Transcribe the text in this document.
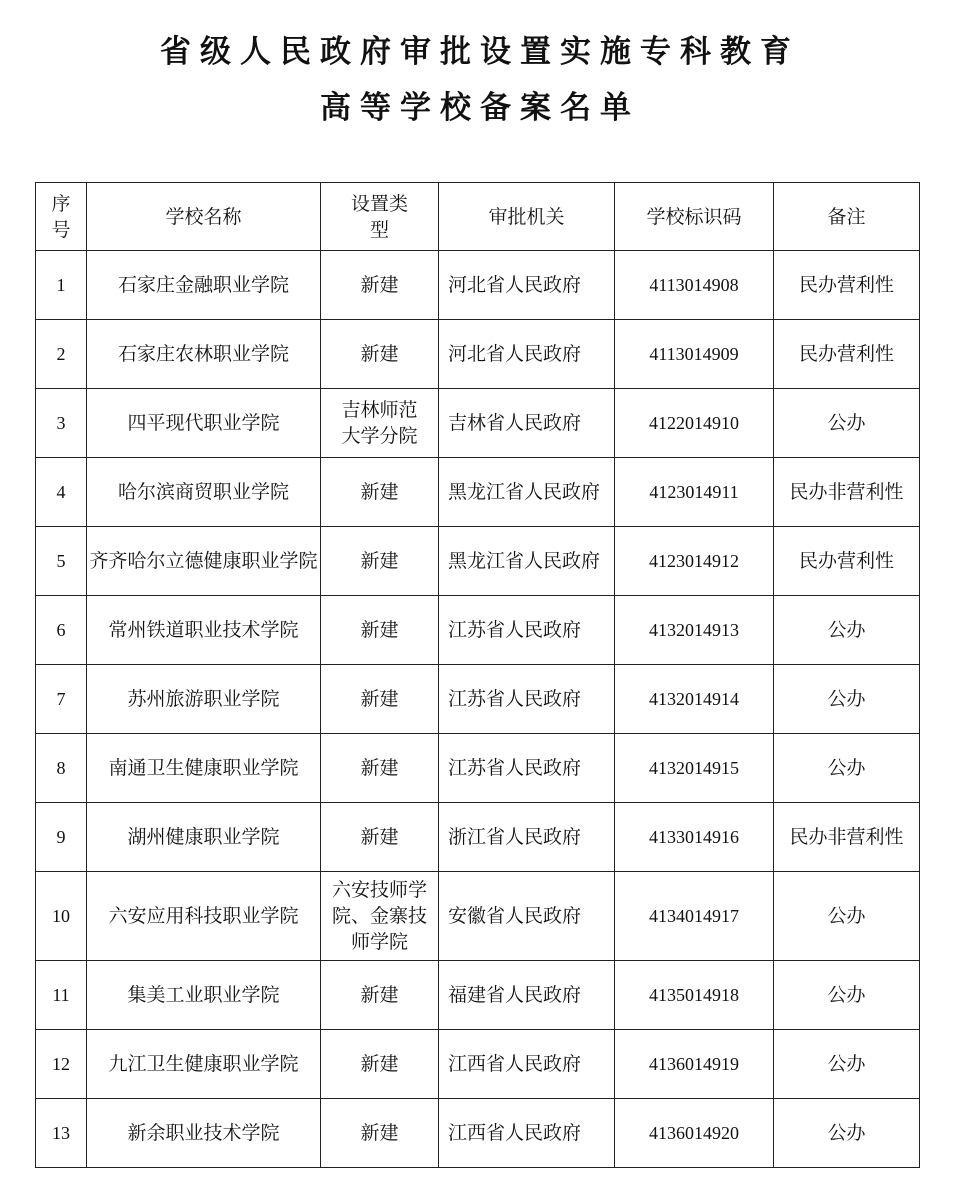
省级人民政府审批设置实施专科教育
高等学校备案名单
序号	学校名称	设置类型	审批机关	学校标识码	备注
1	石家庄金融职业学院	新建	河北省人民政府	4113014908	民办营利性
2	石家庄农林职业学院	新建	河北省人民政府	4113014909	民办营利性
3	四平现代职业学院	吉林师范大学分院	吉林省人民政府	4122014910	公办
4	哈尔滨商贸职业学院	新建	黑龙江省人民政府	4123014911	民办非营利性
5	齐齐哈尔立德健康职业学院	新建	黑龙江省人民政府	4123014912	民办营利性
6	常州铁道职业技术学院	新建	江苏省人民政府	4132014913	公办
7	苏州旅游职业学院	新建	江苏省人民政府	4132014914	公办
8	南通卫生健康职业学院	新建	江苏省人民政府	4132014915	公办
9	湖州健康职业学院	新建	浙江省人民政府	4133014916	民办非营利性
10	六安应用科技职业学院	六安技师学院、金寨技师学院	安徽省人民政府	4134014917	公办
11	集美工业职业学院	新建	福建省人民政府	4135014918	公办
12	九江卫生健康职业学院	新建	江西省人民政府	4136014919	公办
13	新余职业技术学院	新建	江西省人民政府	4136014920	公办
